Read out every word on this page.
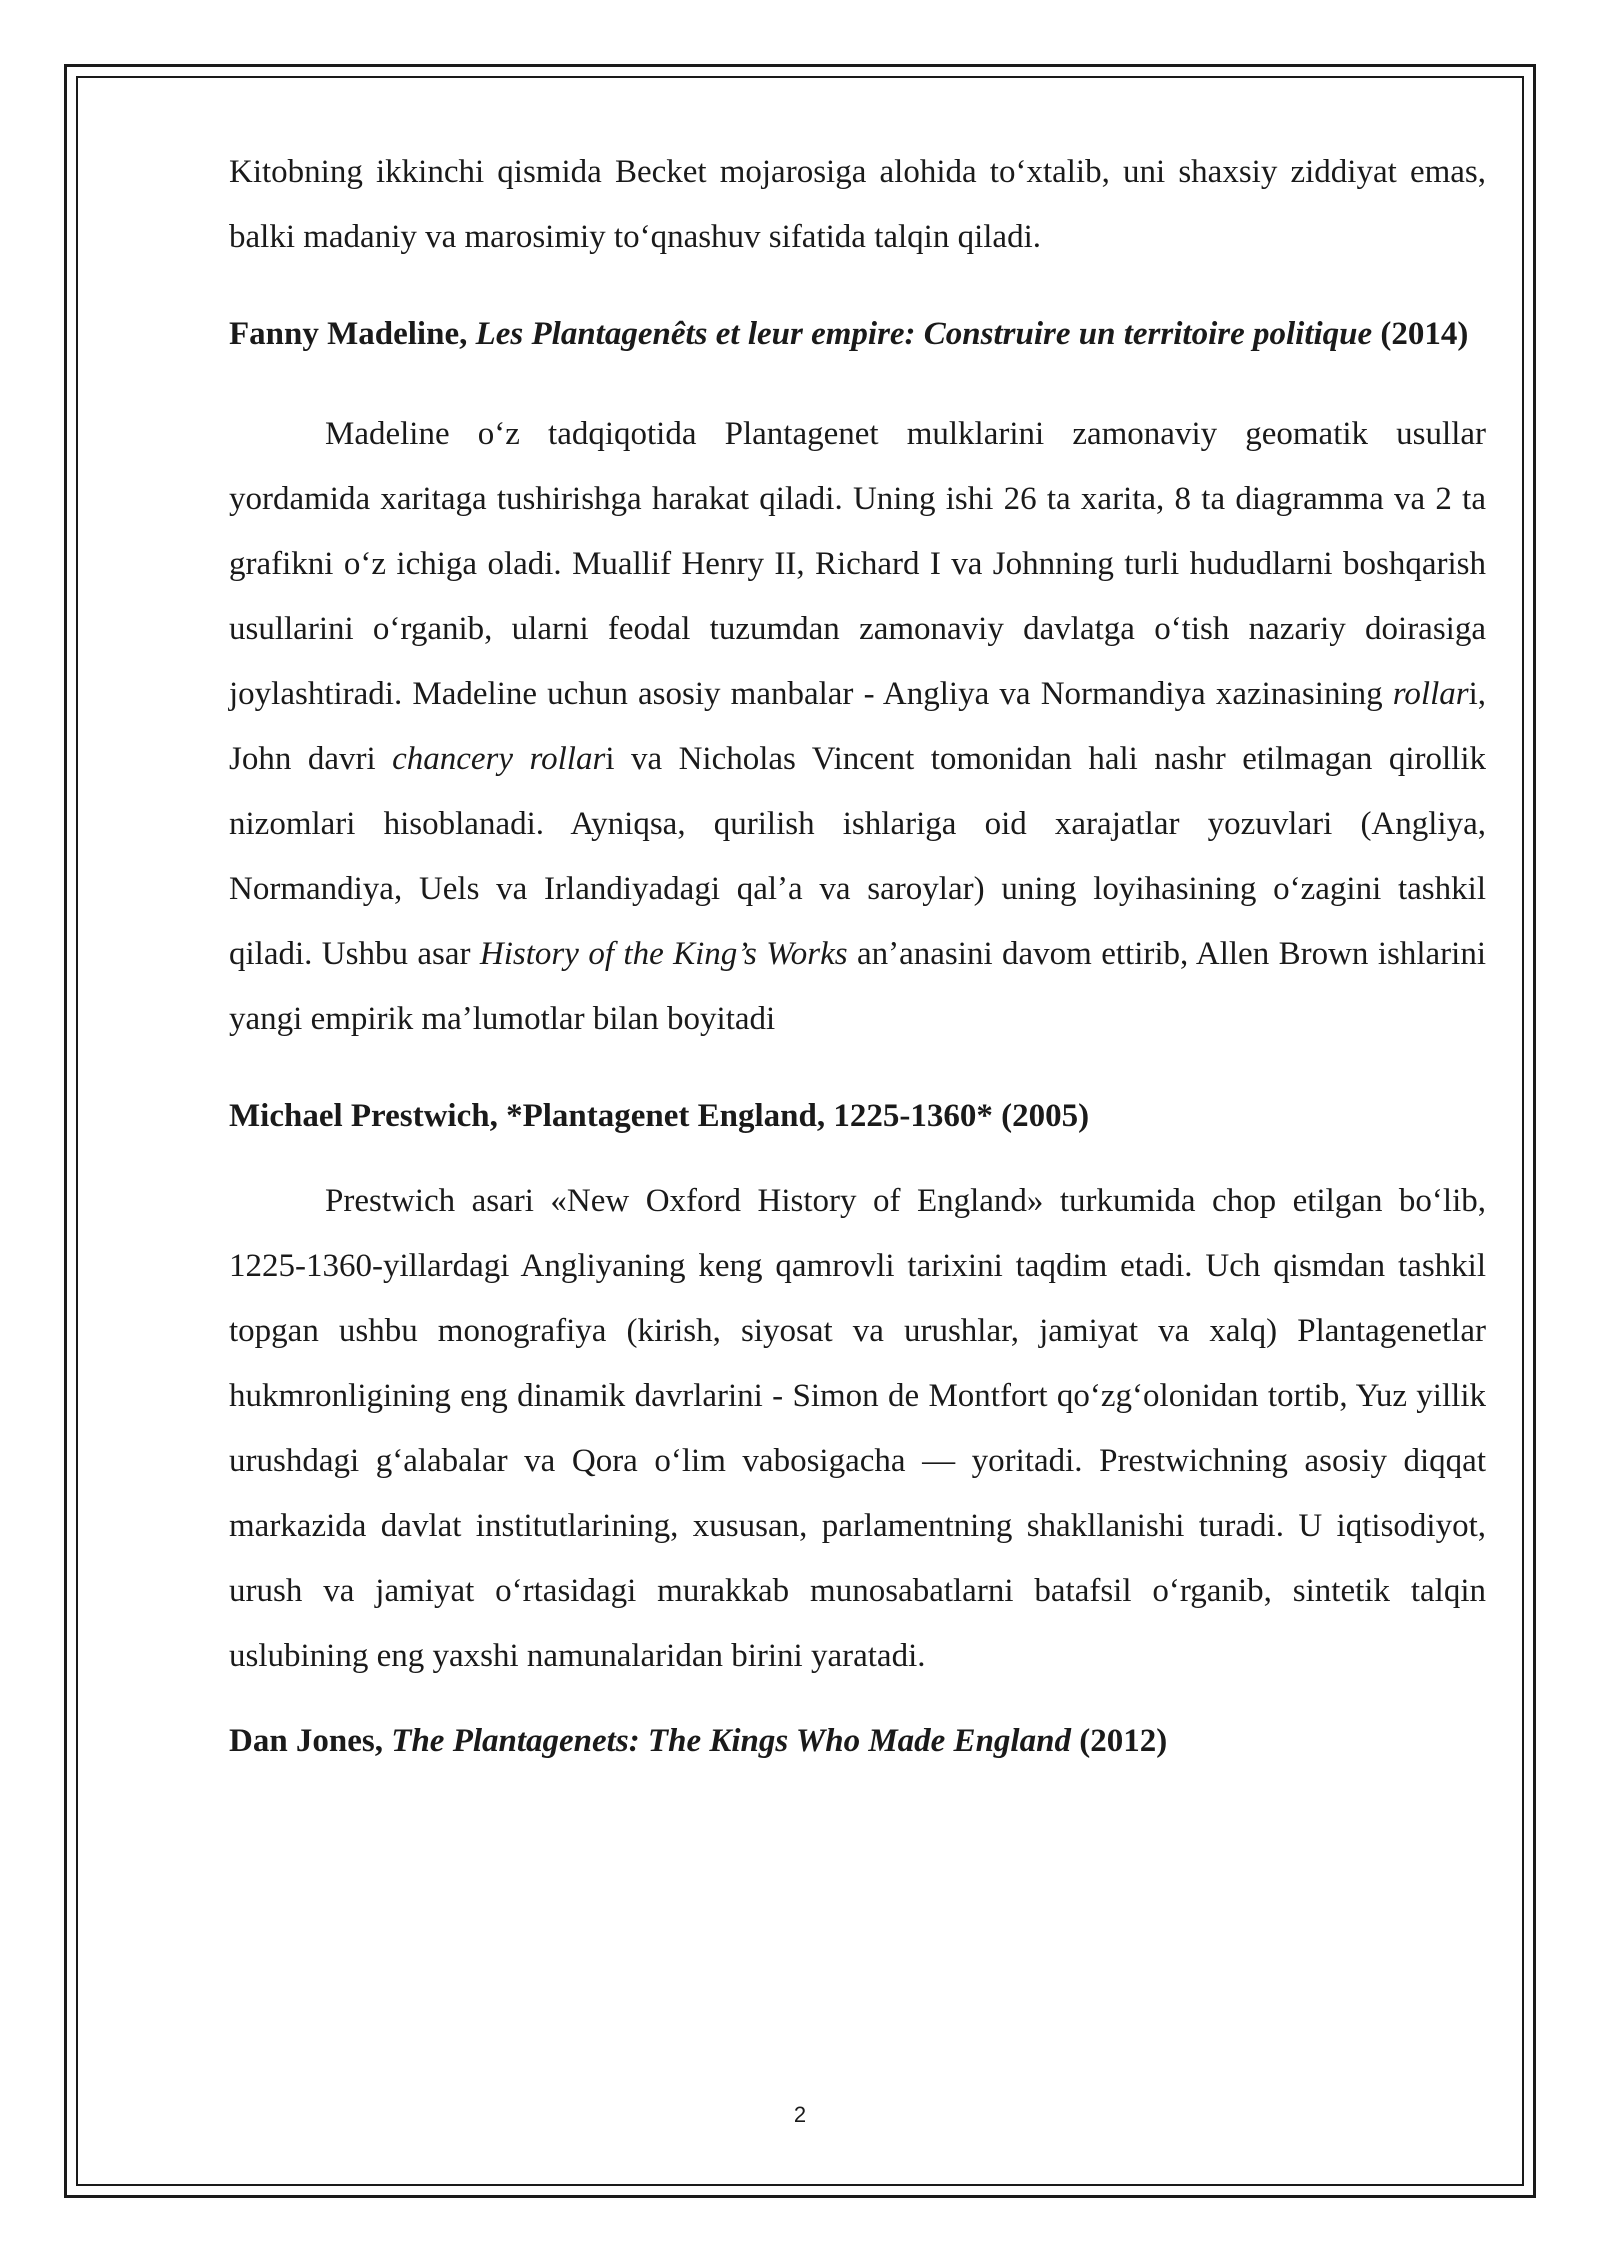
Kitobning ikkinchi qismida Becket mojarosiga alohida toʻxtalib, uni shaxsiy ziddiyat emas, balki madaniy va marosimiy toʻqnashuv sifatida talqin qiladi.

Fanny Madeline, Les Plantagenêts et leur empire: Construire un territoire politique (2014)

Madeline oʻz tadqiqotida Plantagenet mulklarini zamonaviy geomatik usullar yordamida xaritaga tushirishga harakat qiladi. Uning ishi 26 ta xarita, 8 ta diagramma va 2 ta grafikni oʻz ichiga oladi. Muallif Henry II, Richard I va Johnning turli hududlarni boshqarish usullarini oʻrganib, ularni feodal tuzumdan zamonaviy davlatga oʻtish nazariy doirasiga joylashtiradi. Madeline uchun asosiy manbalar - Angliya va Normandiya xazinasining rollari, John davri chancery rollari va Nicholas Vincent tomonidan hali nashr etilmagan qirollik nizomlari hisoblanadi. Ayniqsa, qurilish ishlariga oid xarajatlar yozuvlari (Angliya, Normandiya, Uels va Irlandiyadagi qalʼa va saroylar) uning loyihasining oʻzagini tashkil qiladi. Ushbu asar History of the King’s Works anʼanasini davom ettirib, Allen Brown ishlarini yangi empirik maʼlumotlar bilan boyitadi

Michael Prestwich, *Plantagenet England, 1225-1360* (2005)

Prestwich asari «New Oxford History of England» turkumida chop etilgan boʻlib, 1225-1360-yillardagi Angliyaning keng qamrovli tarixini taqdim etadi. Uch qismdan tashkil topgan ushbu monografiya (kirish, siyosat va urushlar, jamiyat va xalq) Plantagenetlar hukmronligining eng dinamik davrlarini - Simon de Montfort qoʻzgʻolonidan tortib, Yuz yillik urushdagi gʻalabalar va Qora oʻlim vabosigacha — yoritadi. Prestwichning asosiy diqqat markazida davlat institutlarining, xususan, parlamentning shakllanishi turadi. U iqtisodiyot, urush va jamiyat oʻrtasidagi murakkab munosabatlarni batafsil oʻrganib, sintetik talqin uslubining eng yaxshi namunalaridan birini yaratadi.

Dan Jones, The Plantagenets: The Kings Who Made England (2012)

2
